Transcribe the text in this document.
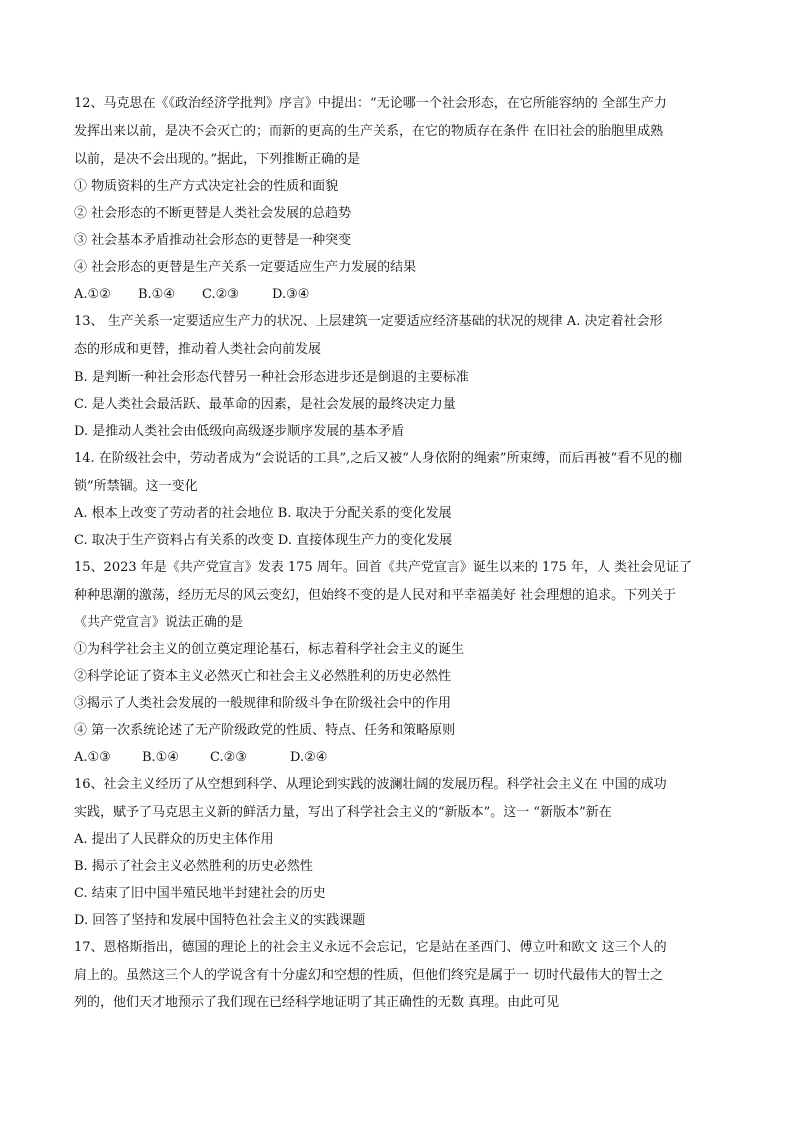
12、马克思在《《政治经济学批判》序言》中提出：“无论哪一个社会形态，在它所能容纳的 全部生产力
发挥出来以前，是决不会灭亡的；而新的更高的生产关系，在它的物质存在条件 在旧社会的胎胞里成熟
以前，是决不会出现的。”据此，下列推断正确的是
① 物质资料的生产方式决定社会的性质和面貌
② 社会形态的不断更替是人类社会发展的总趋势
③ 社会基本矛盾推动社会形态的更替是一种突变
④ 社会形态的更替是生产关系一定要适应生产力发展的结果
A.①② B.①④ C.②③	D.③④
13、 生产关系一定要适应生产力的状况、上层建筑一定要适应经济基础的状况的规律 A. 决定着社会形
态的形成和更替，推动着人类社会向前发展
B. 是判断一种社会形态代替另一种社会形态进步还是倒退的主要标准
C. 是人类社会最活跃、最革命的因素，是社会发展的最终决定力量
D. 是推动人类社会由低级向高级逐步顺序发展的基本矛盾
14. 在阶级社会中，劳动者成为“会说话的工具”,之后又被“人身依附的绳索”所束缚，而后再被“看不见的枷
锁”所禁锢。这一变化
A. 根本上改变了劳动者的社会地位 B. 取决于分配关系的变化发展
C. 取决于生产资料占有关系的改变 D. 直接体现生产力的变化发展
15、2023 年是《共产党宣言》发表 175 周年。回首《共产党宣言》诞生以来的 175 年，人 类社会见证了
种种思潮的激荡，经历无尽的风云变幻，但始终不变的是人民对和平幸福美好 社会理想的追求。下列关于
《共产党宣言》说法正确的是
①为科学社会主义的创立奠定理论基石，标志着科学社会主义的诞生
②科学论证了资本主义必然灭亡和社会主义必然胜利的历史必然性
③揭示了人类社会发展的一般规律和阶级斗争在阶级社会中的作用
④ 第一次系统论述了无产阶级政党的性质、特点、任务和策略原则
A.①③ B.①④ C.②③	D.②④
16、社会主义经历了从空想到科学、从理论到实践的波澜壮阔的发展历程。科学社会主义在 中国的成功
实践，赋予了马克思主义新的鲜活力量，写出了科学社会主义的“新版本”。这一 “新版本”新在
A. 提出了人民群众的历史主体作用
B. 揭示了社会主义必然胜利的历史必然性
C. 结束了旧中国半殖民地半封建社会的历史
D. 回答了坚持和发展中国特色社会主义的实践课题
17、恩格斯指出，德国的理论上的社会主义永远不会忘记，它是站在圣西门、傅立叶和欧文 这三个人的
肩上的。虽然这三个人的学说含有十分虚幻和空想的性质，但他们终究是属于一 切时代最伟大的智士之
列的，他们天才地预示了我们现在已经科学地证明了其正确性的无数 真理。由此可见
